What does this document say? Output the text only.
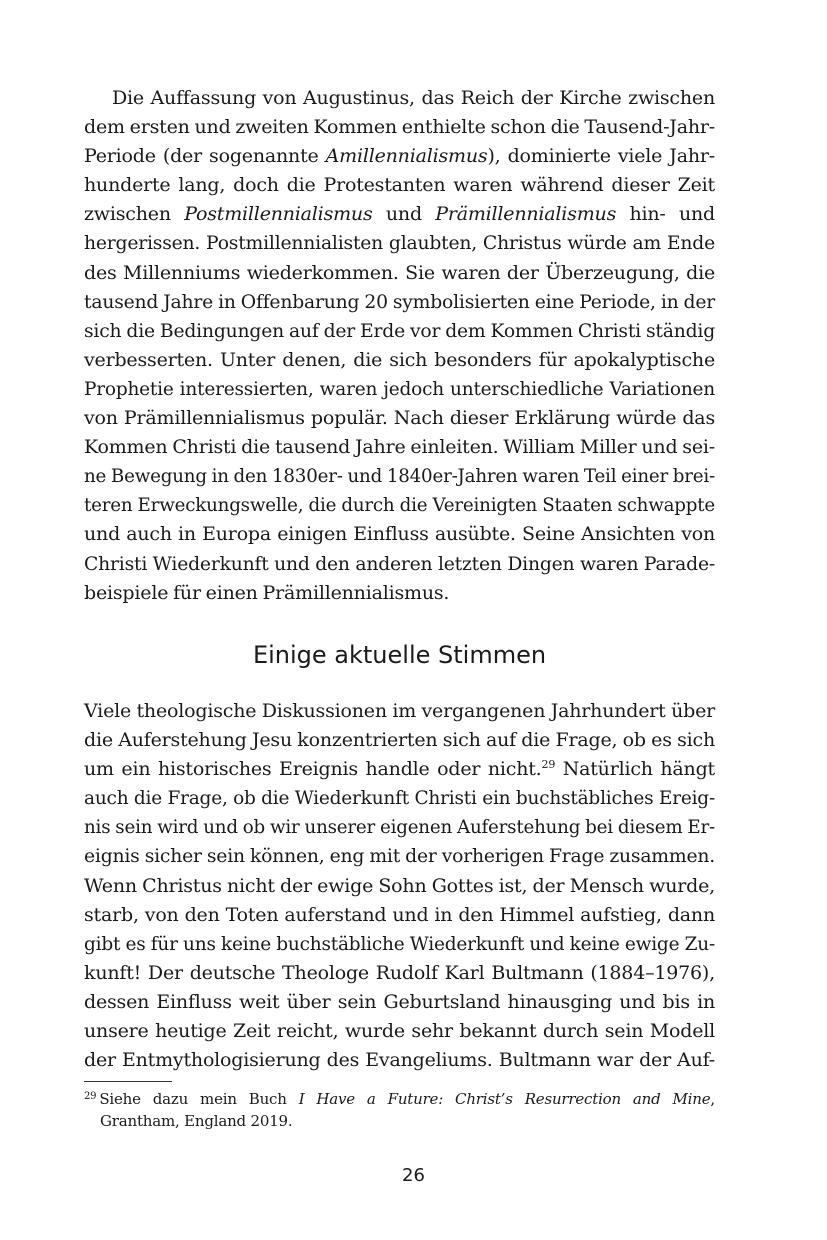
Die Auffassung von Augustinus, das Reich der Kirche zwischen
dem ersten und zweiten Kommen enthielte schon die Tausend-Jahr-
Periode (der sogenannte Amillennialismus), dominierte viele Jahr-
hunderte lang, doch die Protestanten waren während dieser Zeit
zwischen Postmillennialismus und Prämillennialismus hin- und
hergerissen. Postmillennialisten glaubten, Christus würde am Ende
des Millenniums wiederkommen. Sie waren der Überzeugung, die
tausend Jahre in Offenbarung 20 symbolisierten eine Periode, in der
sich die Bedingungen auf der Erde vor dem Kommen Christi ständig
verbesserten. Unter denen, die sich besonders für apokalyptische
Prophetie interessierten, waren jedoch unterschiedliche Variationen
von Prämillennialismus populär. Nach dieser Erklärung würde das
Kommen Christi die tausend Jahre einleiten. William Miller und sei-
ne Bewegung in den 1830er- und 1840er-Jahren waren Teil einer brei-
teren Erweckungswelle, die durch die Vereinigten Staaten schwappte
und auch in Europa einigen Einfluss ausübte. Seine Ansichten von
Christi Wiederkunft und den anderen letzten Dingen waren Parade-
beispiele für einen Prämillennialismus.
Einige aktuelle Stimmen
Viele theologische Diskussionen im vergangenen Jahrhundert über
die Auferstehung Jesu konzentrierten sich auf die Frage, ob es sich
um ein historisches Ereignis handle oder nicht.$^{29}$ Natürlich hängt
auch die Frage, ob die Wiederkunft Christi ein buchstäbliches Ereig-
nis sein wird und ob wir unserer eigenen Auferstehung bei diesem Er-
eignis sicher sein können, eng mit der vorherigen Frage zusammen.
Wenn Christus nicht der ewige Sohn Gottes ist, der Mensch wurde,
starb, von den Toten auferstand und in den Himmel aufstieg, dann
gibt es für uns keine buchstäbliche Wiederkunft und keine ewige Zu-
kunft! Der deutsche Theologe Rudolf Karl Bultmann (1884–1976),
dessen Einfluss weit über sein Geburtsland hinausging und bis in
unsere heutige Zeit reicht, wurde sehr bekannt durch sein Modell
der Entmythologisierung des Evangeliums. Bultmann war der Auf-
$^{29}$ Siehe dazu mein Buch I Have a Future: Christ’s Resurrection and Mine,
Grantham, England 2019.
26
